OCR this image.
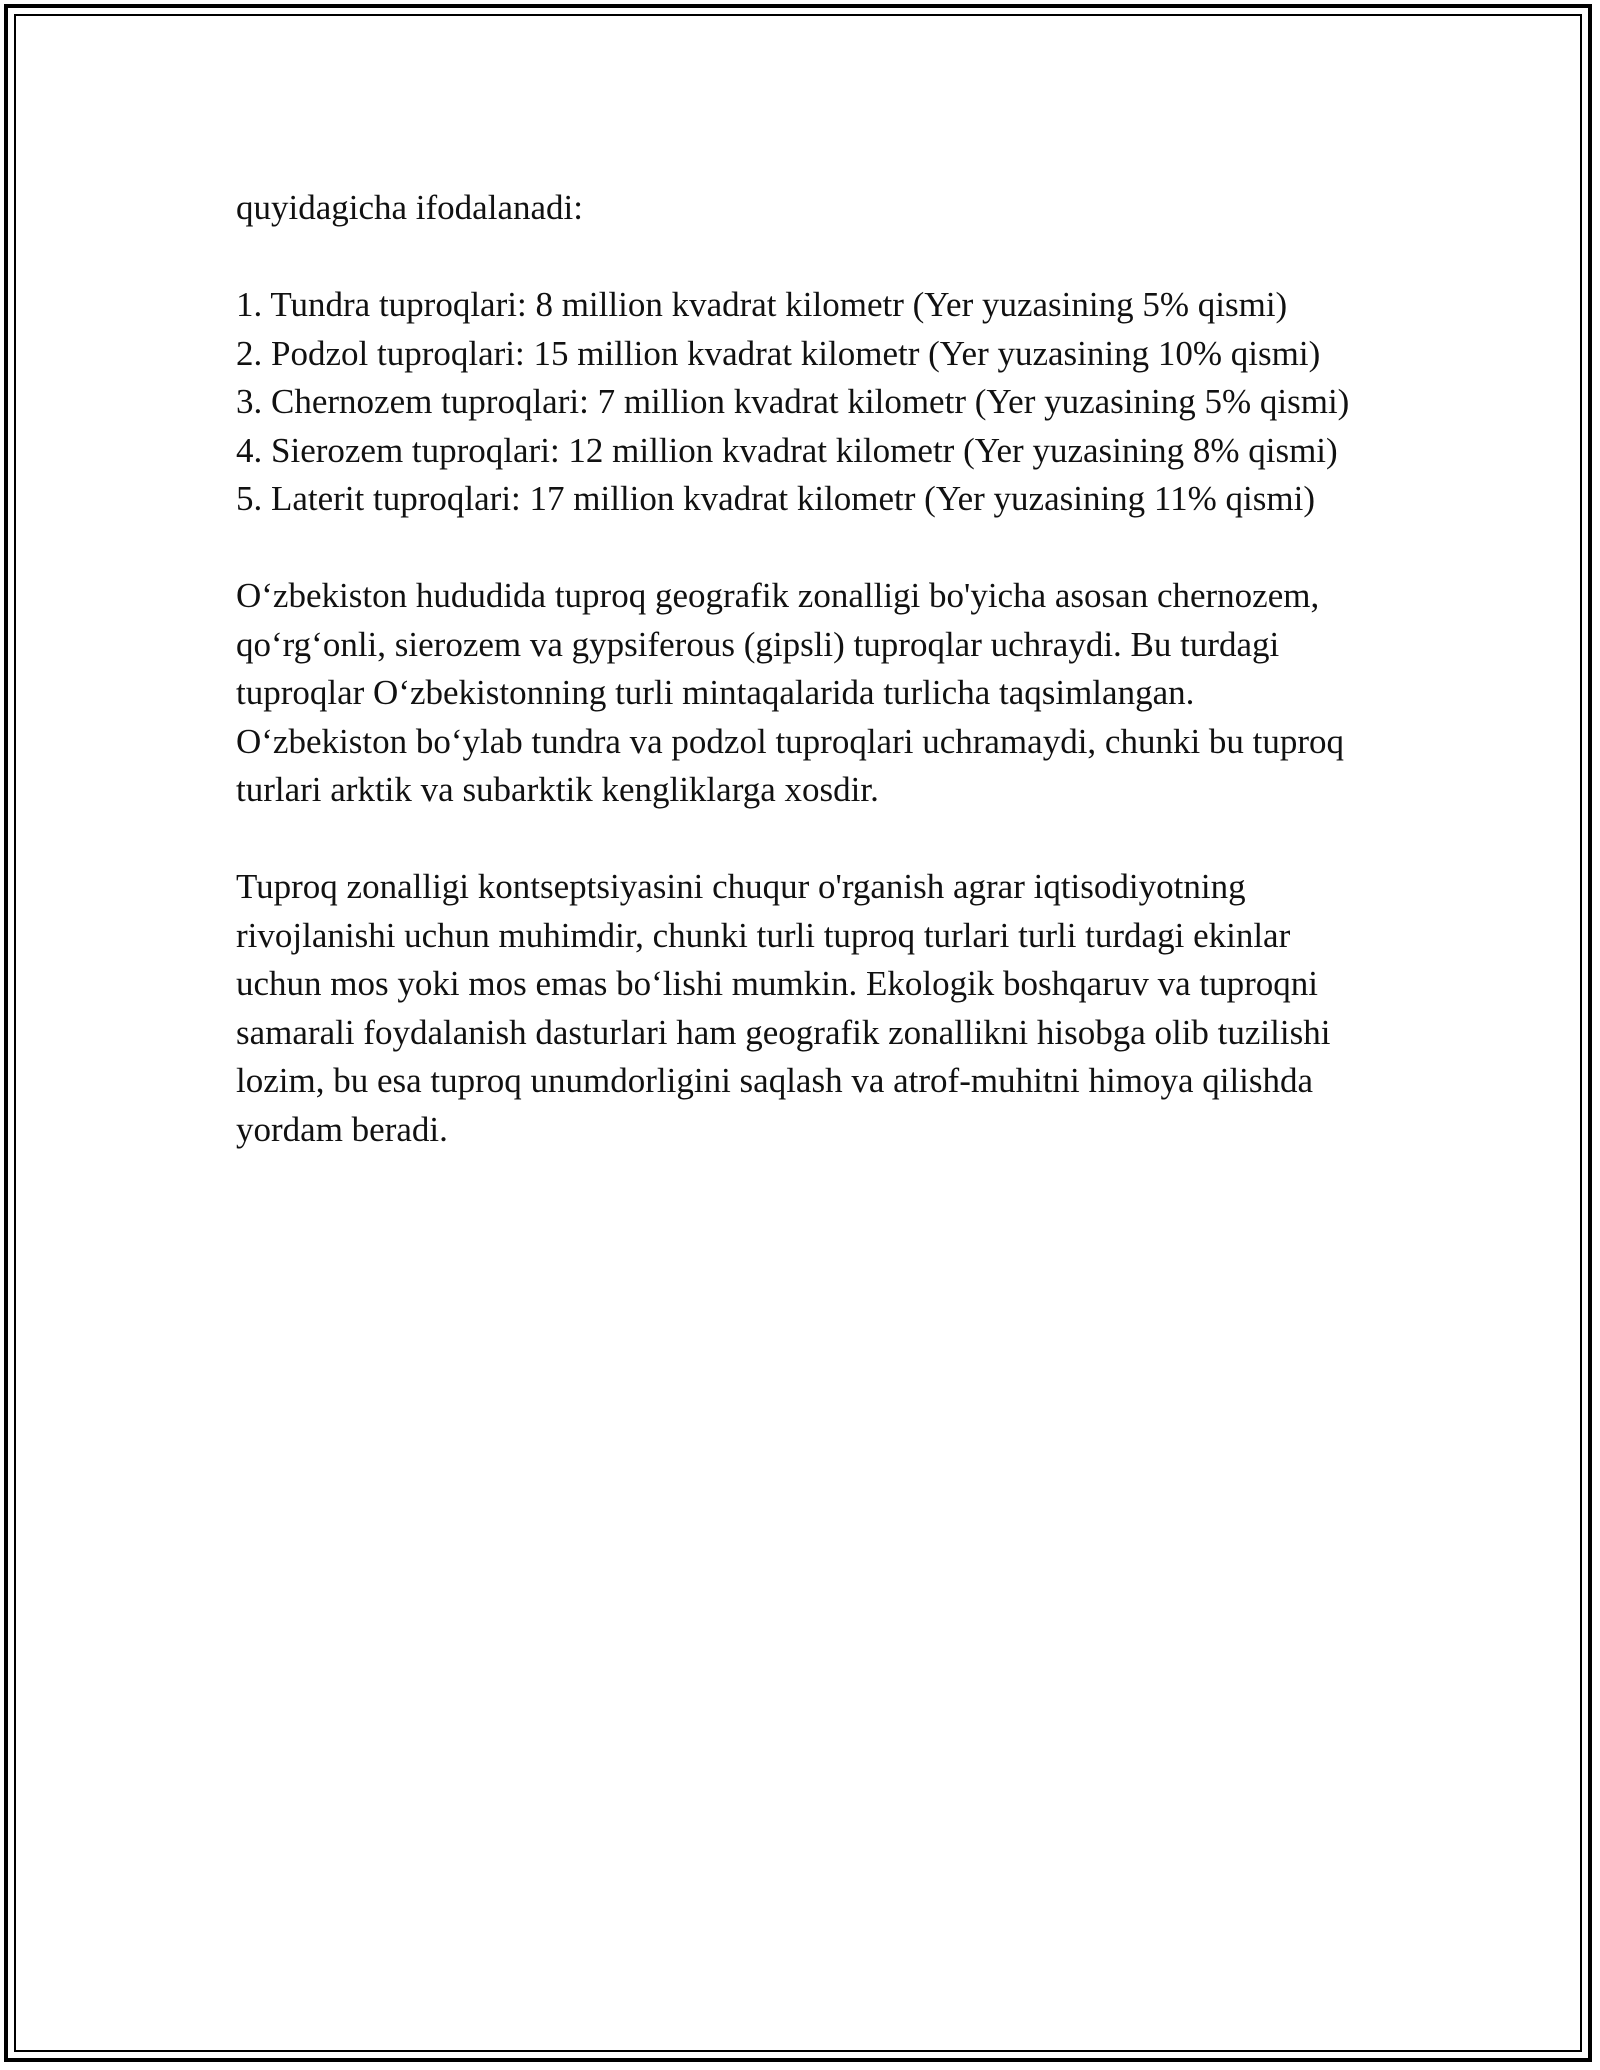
quyidagicha ifodalanadi:

1. Tundra tuproqlari: 8 million kvadrat kilometr (Yer yuzasining 5% qismi)
2. Podzol tuproqlari: 15 million kvadrat kilometr (Yer yuzasining 10% qismi)
3. Chernozem tuproqlari: 7 million kvadrat kilometr (Yer yuzasining 5% qismi)
4. Sierozem tuproqlari: 12 million kvadrat kilometr (Yer yuzasining 8% qismi)
5. Laterit tuproqlari: 17 million kvadrat kilometr (Yer yuzasining 11% qismi)

O‘zbekiston hududida tuproq geografik zonalligi bo'yicha asosan chernozem, qo‘rg‘onli, sierozem va gypsiferous (gipsli) tuproqlar uchraydi. Bu turdagi tuproqlar O‘zbekistonning turli mintaqalarida turlicha taqsimlangan. O‘zbekiston bo‘ylab tundra va podzol tuproqlari uchramaydi, chunki bu tuproq turlari arktik va subarktik kengliklarga xosdir.

Tuproq zonalligi kontseptsiyasini chuqur o'rganish agrar iqtisodiyotning rivojlanishi uchun muhimdir, chunki turli tuproq turlari turli turdagi ekinlar uchun mos yoki mos emas bo‘lishi mumkin. Ekologik boshqaruv va tuproqni samarali foydalanish dasturlari ham geografik zonallikni hisobga olib tuzilishi lozim, bu esa tuproq unumdorligini saqlash va atrof-muhitni himoya qilishda yordam beradi.
